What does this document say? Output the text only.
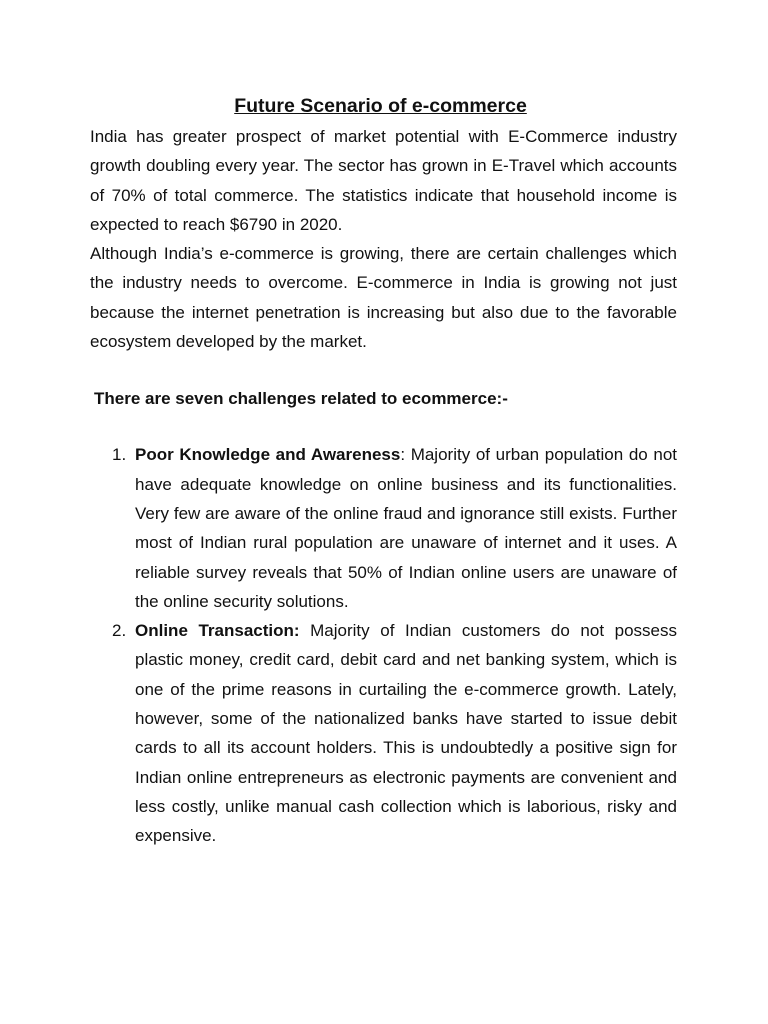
Future Scenario of e-commerce

India has greater prospect of market potential with E-Commerce industry growth doubling every year. The sector has grown in E-Travel which accounts of 70% of total commerce. The statistics indicate that household income is expected to reach $6790 in 2020.

Although India’s e-commerce is growing, there are certain challenges which the industry needs to overcome. E-commerce in India is growing not just because the internet penetration is increasing but also due to the favorable ecosystem developed by the market.

There are seven challenges related to ecommerce:-

1. Poor Knowledge and Awareness: Majority of urban population do not have adequate knowledge on online business and its functionalities. Very few are aware of the online fraud and ignorance still exists. Further most of Indian rural population are unaware of internet and it uses. A reliable survey reveals that 50% of Indian online users are unaware of the online security solutions.
2. Online Transaction: Majority of Indian customers do not possess plastic money, credit card, debit card and net banking system, which is one of the prime reasons in curtailing the e-commerce growth. Lately, however, some of the nationalized banks have started to issue debit cards to all its account holders. This is undoubtedly a positive sign for Indian online entrepreneurs as electronic payments are convenient and less costly, unlike manual cash collection which is laborious, risky and expensive.
